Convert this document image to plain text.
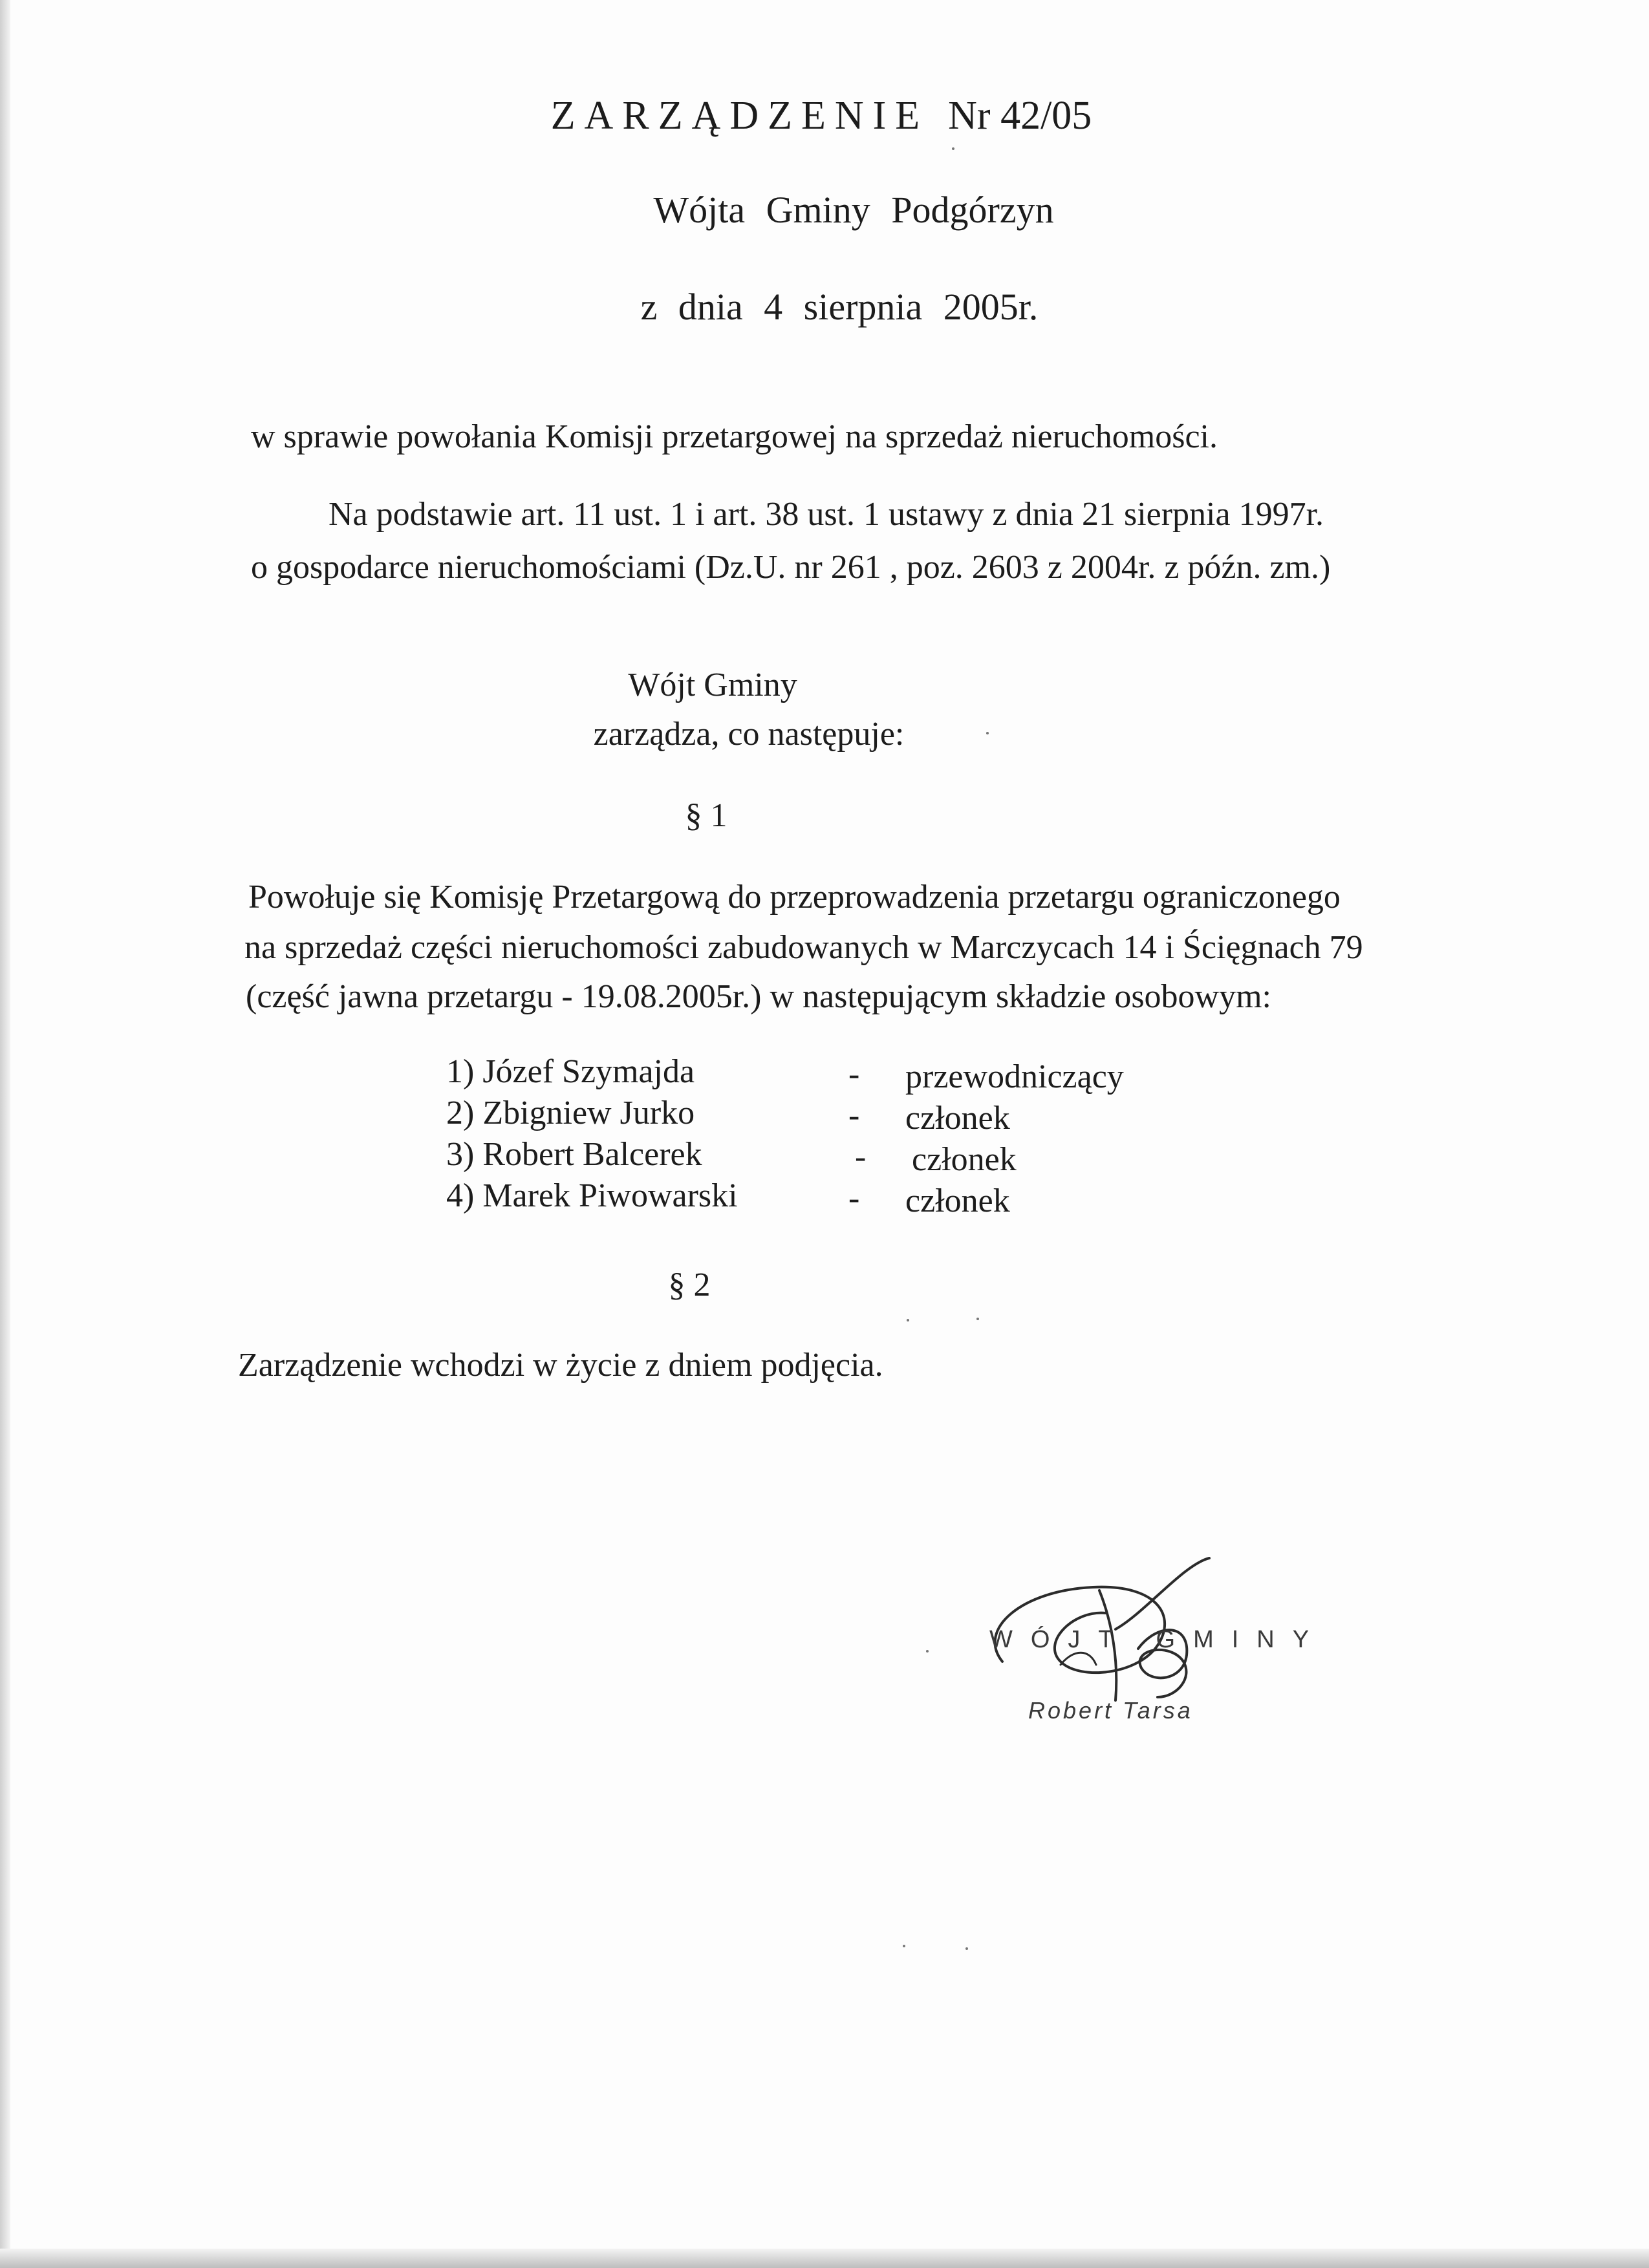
ZARZĄDZENIE Nr 42/05
Wójta Gminy Podgórzyn
z dnia 4 sierpnia 2005r.
w sprawie powołania Komisji przetargowej na sprzedaż nieruchomości.
Na podstawie art. 11 ust. 1 i art. 38 ust. 1 ustawy z dnia 21 sierpnia 1997r.
o gospodarce nieruchomościami (Dz.U. nr 261 , poz. 2603 z 2004r. z późn. zm.)
Wójt Gminy
zarządza, co następuje:
§ 1
Powołuje się Komisję Przetargową do przeprowadzenia przetargu ograniczonego
na sprzedaż części nieruchomości zabudowanych w Marczycach 14 i Ścięgnach 79
(część jawna przetargu - 19.08.2005r.) w następującym składzie osobowym:
1) Józef Szymajda	- przewodniczący
2) Zbigniew Jurko	- członek
3) Robert Balcerek	- członek
4) Marek Piwowarski	- członek
§ 2
Zarządzenie wchodzi w życie z dniem podjęcia.
WÓJT GMINY
Robert Tarsa
